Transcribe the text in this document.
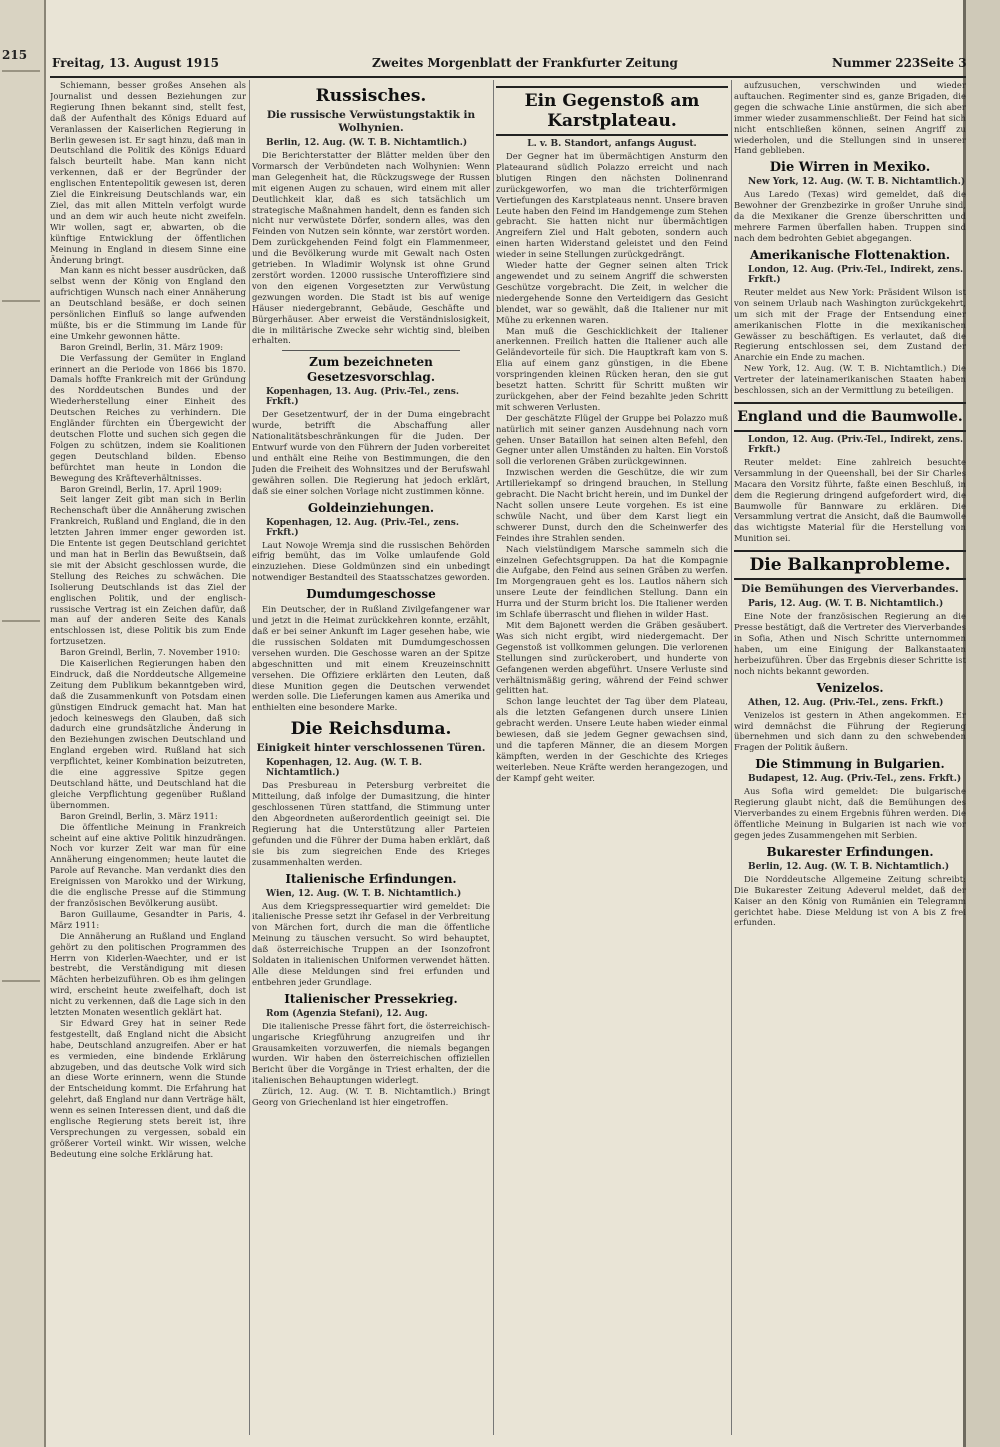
215
Freitag, 13. August 1915	Zweites Morgenblatt der Frankfurter Zeitung	Nummer 223 Seite 3

Schiemann, besser großes Ansehen als Journalist und dessen Beziehungen zur Regierung Ihnen bekannt sind, stellt fest, daß der Aufenthalt des Königs Eduard auf Veranlassen der Kaiserlichen Regierung in Berlin gewesen ist. Er sagt hinzu, daß man in Deutschland die Politik des Königs Eduard falsch beurteilt habe. Man kann nicht verkennen, daß er der Begründer der englischen Ententepolitik gewesen ist, deren Ziel die Einkreisung Deutschlands war, ein Ziel, das mit allen Mitteln verfolgt wurde und an dem wir auch heute nicht zweifeln. Wir wollen, sagt er, abwarten, ob die künftige Entwicklung der öffentlichen Meinung in England in diesem Sinne eine Änderung bringt.

Man kann es nicht besser ausdrücken, daß selbst wenn der König von England den aufrichtigen Wunsch nach einer Annäherung an Deutschland besäße, er doch seinen persönlichen Einfluß so lange aufwenden müßte, bis er die Stimmung im Lande für eine Umkehr gewonnen hätte.

Baron Greindl, Berlin, 31. März 1909:

Die Verfassung der Gemüter in England erinnert an die Periode von 1866 bis 1870. Damals hoffte Frankreich mit der Gründung des Norddeutschen Bundes und der Wiederherstellung einer Einheit des Deutschen Reiches zu verhindern. Die Engländer fürchten ein Übergewicht der deutschen Flotte und suchen sich gegen die Folgen zu schützen, indem sie Koalitionen gegen Deutschland bilden. Ebenso befürchtet man heute in London die Bewegung des Kräfteverhältnisses.

Baron Greindl, Berlin, 17. April 1909:

Seit langer Zeit gibt man sich in Berlin Rechenschaft über die Annäherung zwischen Frankreich, Rußland und England, die in den letzten Jahren immer enger geworden ist. Die Entente ist gegen Deutschland gerichtet und man hat in Berlin das Bewußtsein, daß sie mit der Absicht geschlossen wurde, die Stellung des Reiches zu schwächen. Die Isolierung Deutschlands ist das Ziel der englischen Politik, und der englisch-russische Vertrag ist ein Zeichen dafür, daß man auf der anderen Seite des Kanals entschlossen ist, diese Politik bis zum Ende fortzusetzen.

Baron Greindl, Berlin, 7. November 1910:

Die Kaiserlichen Regierungen haben den Eindruck, daß die Norddeutsche Allgemeine Zeitung dem Publikum bekanntgeben wird, daß die Zusammenkunft von Potsdam einen günstigen Eindruck gemacht hat. Man hat jedoch keineswegs den Glauben, daß sich dadurch eine grundsätzliche Änderung in den Beziehungen zwischen Deutschland und England ergeben wird. Rußland hat sich verpflichtet, keiner Kombination beizutreten, die eine aggressive Spitze gegen Deutschland hätte, und Deutschland hat die gleiche Verpflichtung gegenüber Rußland übernommen.

Baron Greindl, Berlin, 3. März 1911:

Die öffentliche Meinung in Frankreich scheint auf eine aktive Politik hinzudrängen. Noch vor kurzer Zeit war man für eine Annäherung eingenommen; heute lautet die Parole auf Revanche. Man verdankt dies den Ereignissen von Marokko und der Wirkung, die die englische Presse auf die Stimmung der französischen Bevölkerung ausübt.

Baron Guillaume, Gesandter in Paris, 4. März 1911:

Die Annäherung an Rußland und England gehört zu den politischen Programmen des Herrn von Kiderlen-Waechter, und er ist bestrebt, die Verständigung mit diesen Mächten herbeizuführen. Ob es ihm gelingen wird, erscheint heute zweifelhaft, doch ist nicht zu verkennen, daß die Lage sich in den letzten Monaten wesentlich geklärt hat.

Sir Edward Grey hat in seiner Rede festgestellt, daß England nicht die Absicht habe, Deutschland anzugreifen. Aber er hat es vermieden, eine bindende Erklärung abzugeben, und das deutsche Volk wird sich an diese Worte erinnern, wenn die Stunde der Entscheidung kommt. Die Erfahrung hat gelehrt, daß England nur dann Verträge hält, wenn es seinen Interessen dient, und daß die englische Regierung stets bereit ist, ihre Versprechungen zu vergessen, sobald ein größerer Vorteil winkt. Wir wissen, welche Bedeutung eine solche Erklärung hat.

Russisches.
Die russische Verwüstungstaktik in Wolhynien.
Berlin, 12. Aug. (W. T. B. Nichtamtlich.)

Die Berichterstatter der Blätter melden über den Vormarsch der Verbündeten nach Wolhynien: Wenn man Gelegenheit hat, die Rückzugswege der Russen mit eigenen Augen zu schauen, wird einem mit aller Deutlichkeit klar, daß es sich tatsächlich um strategische Maßnahmen handelt, denn es fanden sich nicht nur verwüstete Dörfer, sondern alles, was den Feinden von Nutzen sein könnte, war zerstört worden. Dem zurückgehenden Feind folgt ein Flammenmeer, und die Bevölkerung wurde mit Gewalt nach Osten getrieben. In Wladimir Wolynsk ist ohne Grund zerstört worden. 12000 russische Unteroffiziere sind von den eigenen Vorgesetzten zur Verwüstung gezwungen worden. Die Stadt ist bis auf wenige Häuser niedergebrannt, Gebäude, Geschäfte und Bürgerhäuser. Aber erweist die Verständnislosigkeit, die in militärische Zwecke sehr wichtig sind, bleiben erhalten.

Zum bezeichneten Gesetzesvorschlag.
Kopenhagen, 13. Aug. (Priv.-Tel., zens. Frkft.)

Der Gesetzentwurf, der in der Duma eingebracht wurde, betrifft die Abschaffung aller Nationalitätsbeschränkungen für die Juden. Der Entwurf wurde von den Führern der Juden vorbereitet und enthält eine Reihe von Bestimmungen, die den Juden die Freiheit des Wohnsitzes und der Berufswahl gewähren sollen. Die Regierung hat jedoch erklärt, daß sie einer solchen Vorlage nicht zustimmen könne.

Goldeinziehungen.
Kopenhagen, 12. Aug. (Priv.-Tel., zens. Frkft.)

Laut Nowoje Wremja sind die russischen Behörden eifrig bemüht, das im Volke umlaufende Gold einzuziehen. Diese Goldmünzen sind ein unbedingt notwendiger Bestandteil des Staatsschatzes geworden.

Dumdumgeschosse

Ein Deutscher, der in Rußland Zivilgefangener war und jetzt in die Heimat zurückkehren konnte, erzählt, daß er bei seiner Ankunft im Lager gesehen habe, wie die russischen Soldaten mit Dumdumgeschossen versehen wurden. Die Geschosse waren an der Spitze abgeschnitten und mit einem Kreuzeinschnitt versehen. Die Offiziere erklärten den Leuten, daß diese Munition gegen die Deutschen verwendet werden solle. Die Lieferungen kamen aus Amerika und enthielten eine besondere Marke.

Die Reichsduma.
Einigkeit hinter verschlossenen Türen.
Kopenhagen, 12. Aug. (W. T. B. Nichtamtlich.)

Das Presbureau in Petersburg verbreitet die Mitteilung, daß infolge der Dumasitzung, die hinter geschlossenen Türen stattfand, die Stimmung unter den Abgeordneten außerordentlich geeinigt sei. Die Regierung hat die Unterstützung aller Parteien gefunden und die Führer der Duma haben erklärt, daß sie bis zum siegreichen Ende des Krieges zusammenhalten werden.

Italienische Erfindungen.
Wien, 12. Aug. (W. T. B. Nichtamtlich.)

Aus dem Kriegspressequartier wird gemeldet: Die italienische Presse setzt ihr Gefasel in der Verbreitung von Märchen fort, durch die man die öffentliche Meinung zu täuschen versucht. So wird behauptet, daß österreichische Truppen an der Isonzofront Soldaten in italienischen Uniformen verwendet hätten. Alle diese Meldungen sind frei erfunden und entbehren jeder Grundlage.

Italienischer Pressekrieg.
Rom (Agenzia Stefani), 12. Aug.

Die italienische Presse fährt fort, die österreichisch-ungarische Kriegführung anzugreifen und ihr Grausamkeiten vorzuwerfen, die niemals begangen wurden. Wir haben den österreichischen offiziellen Bericht über die Vorgänge in Triest erhalten, der die italienischen Behauptungen widerlegt.

Zürich, 12. Aug. (W. T. B. Nichtamtlich.) Bringt Georg von Griechenland ist hier eingetroffen.

Ein Gegenstoß am Karstplateau.
L. v. B. Standort, anfangs August.

Der Gegner hat im übermächtigen Ansturm den Plateaurand südlich Polazzo erreicht und nach blutigen Ringen den nächsten Dolinenrand zurückgeworfen, wo man die trichterförmigen Vertiefungen des Karstplateaus nennt. Unsere braven Leute haben den Feind im Handgemenge zum Stehen gebracht. Sie hatten nicht nur übermächtigen Angreifern Ziel und Halt geboten, sondern auch einen harten Widerstand geleistet und den Feind wieder in seine Stellungen zurückgedrängt.

Wieder hatte der Gegner seinen alten Trick angewendet und zu seinem Angriff die schwersten Geschütze vorgebracht. Die Zeit, in welcher die niedergehende Sonne den Verteidigern das Gesicht blendet, war so gewählt, daß die Italiener nur mit Mühe zu erkennen waren.

Man muß die Geschicklichkeit der Italiener anerkennen. Freilich hatten die Italiener auch alle Geländevorteile für sich. Die Hauptkraft kam von S. Elia auf einem ganz günstigen, in die Ebene vorspringenden kleinen Rücken heran, den sie gut besetzt hatten. Schritt für Schritt mußten wir zurückgehen, aber der Feind bezahlte jeden Schritt mit schweren Verlusten.

Der geschätzte Flügel der Gruppe bei Polazzo muß natürlich mit seiner ganzen Ausdehnung nach vorn gehen. Unser Bataillon hat seinen alten Befehl, den Gegner unter allen Umständen zu halten. Ein Vorstoß soll die verlorenen Gräben zurückgewinnen.

Inzwischen werden die Geschütze, die wir zum Artilleriekampf so dringend brauchen, in Stellung gebracht. Die Nacht bricht herein, und im Dunkel der Nacht sollen unsere Leute vorgehen. Es ist eine schwüle Nacht, und über dem Karst liegt ein schwerer Dunst, durch den die Scheinwerfer des Feindes ihre Strahlen senden.

Nach vielstündigem Marsche sammeln sich die einzelnen Gefechtsgruppen. Da hat die Kompagnie die Aufgabe, den Feind aus seinen Gräben zu werfen. Im Morgengrauen geht es los. Lautlos nähern sich unsere Leute der feindlichen Stellung. Dann ein Hurra und der Sturm bricht los. Die Italiener werden im Schlafe überrascht und fliehen in wilder Hast.

Mit dem Bajonett werden die Gräben gesäubert. Was sich nicht ergibt, wird niedergemacht. Der Gegenstoß ist vollkommen gelungen. Die verlorenen Stellungen sind zurückerobert, und hunderte von Gefangenen werden abgeführt. Unsere Verluste sind verhältnismäßig gering, während der Feind schwer gelitten hat.

Schon lange leuchtet der Tag über dem Plateau, als die letzten Gefangenen durch unsere Linien gebracht werden. Unsere Leute haben wieder einmal bewiesen, daß sie jedem Gegner gewachsen sind, und die tapferen Männer, die an diesem Morgen kämpften, werden in der Geschichte des Krieges weiterleben. Neue Kräfte werden herangezogen, und der Kampf geht weiter.

aufzusuchen, verschwinden und wieder auftauchen. Regimenter sind es, ganze Brigaden, die gegen die schwache Linie anstürmen, die sich aber immer wieder zusammenschließt. Der Feind hat sich nicht entschließen können, seinen Angriff zu wiederholen, und die Stellungen sind in unserer Hand geblieben.

Die Wirren in Mexiko.
New York, 12. Aug. (W. T. B. Nichtamtlich.)

Aus Laredo (Texas) wird gemeldet, daß die Bewohner der Grenzbezirke in großer Unruhe sind, da die Mexikaner die Grenze überschritten und mehrere Farmen überfallen haben. Truppen sind nach dem bedrohten Gebiet abgegangen.

Amerikanische Flottenaktion.
London, 12. Aug. (Priv.-Tel., Indirekt, zens. Frkft.)

Reuter meldet aus New York: Präsident Wilson ist von seinem Urlaub nach Washington zurückgekehrt, um sich mit der Frage der Entsendung einer amerikanischen Flotte in die mexikanischen Gewässer zu beschäftigen. Es verlautet, daß die Regierung entschlossen sei, dem Zustand der Anarchie ein Ende zu machen.

New York, 12. Aug. (W. T. B. Nichtamtlich.) Die Vertreter der lateinamerikanischen Staaten haben beschlossen, sich an der Vermittlung zu beteiligen.

England und die Baumwolle.
London, 12. Aug. (Priv.-Tel., Indirekt, zens. Frkft.)

Reuter meldet: Eine zahlreich besuchte Versammlung in der Queenshall, bei der Sir Charles Macara den Vorsitz führte, faßte einen Beschluß, in dem die Regierung dringend aufgefordert wird, die Baumwolle für Bannware zu erklären. Die Versammlung vertrat die Ansicht, daß die Baumwolle das wichtigste Material für die Herstellung von Munition sei.

Die Balkanprobleme.
Die Bemühungen des Vierverbandes.
Paris, 12. Aug. (W. T. B. Nichtamtlich.)

Eine Note der französischen Regierung an die Presse bestätigt, daß die Vertreter des Vierverbandes in Sofia, Athen und Nisch Schritte unternommen haben, um eine Einigung der Balkanstaaten herbeizuführen. Über das Ergebnis dieser Schritte ist noch nichts bekannt geworden.

Venizelos.
Athen, 12. Aug. (Priv.-Tel., zens. Frkft.)

Venizelos ist gestern in Athen angekommen. Er wird demnächst die Führung der Regierung übernehmen und sich dann zu den schwebenden Fragen der Politik äußern.

Die Stimmung in Bulgarien.
Budapest, 12. Aug. (Priv.-Tel., zens. Frkft.)

Aus Sofia wird gemeldet: Die bulgarische Regierung glaubt nicht, daß die Bemühungen des Vierverbandes zu einem Ergebnis führen werden. Die öffentliche Meinung in Bulgarien ist nach wie vor gegen jedes Zusammengehen mit Serbien.

Bukarester Erfindungen.
Berlin, 12. Aug. (W. T. B. Nichtamtlich.)

Die Norddeutsche Allgemeine Zeitung schreibt: Die Bukarester Zeitung Adeverul meldet, daß der Kaiser an den König von Rumänien ein Telegramm gerichtet habe. Diese Meldung ist von A bis Z frei erfunden.
